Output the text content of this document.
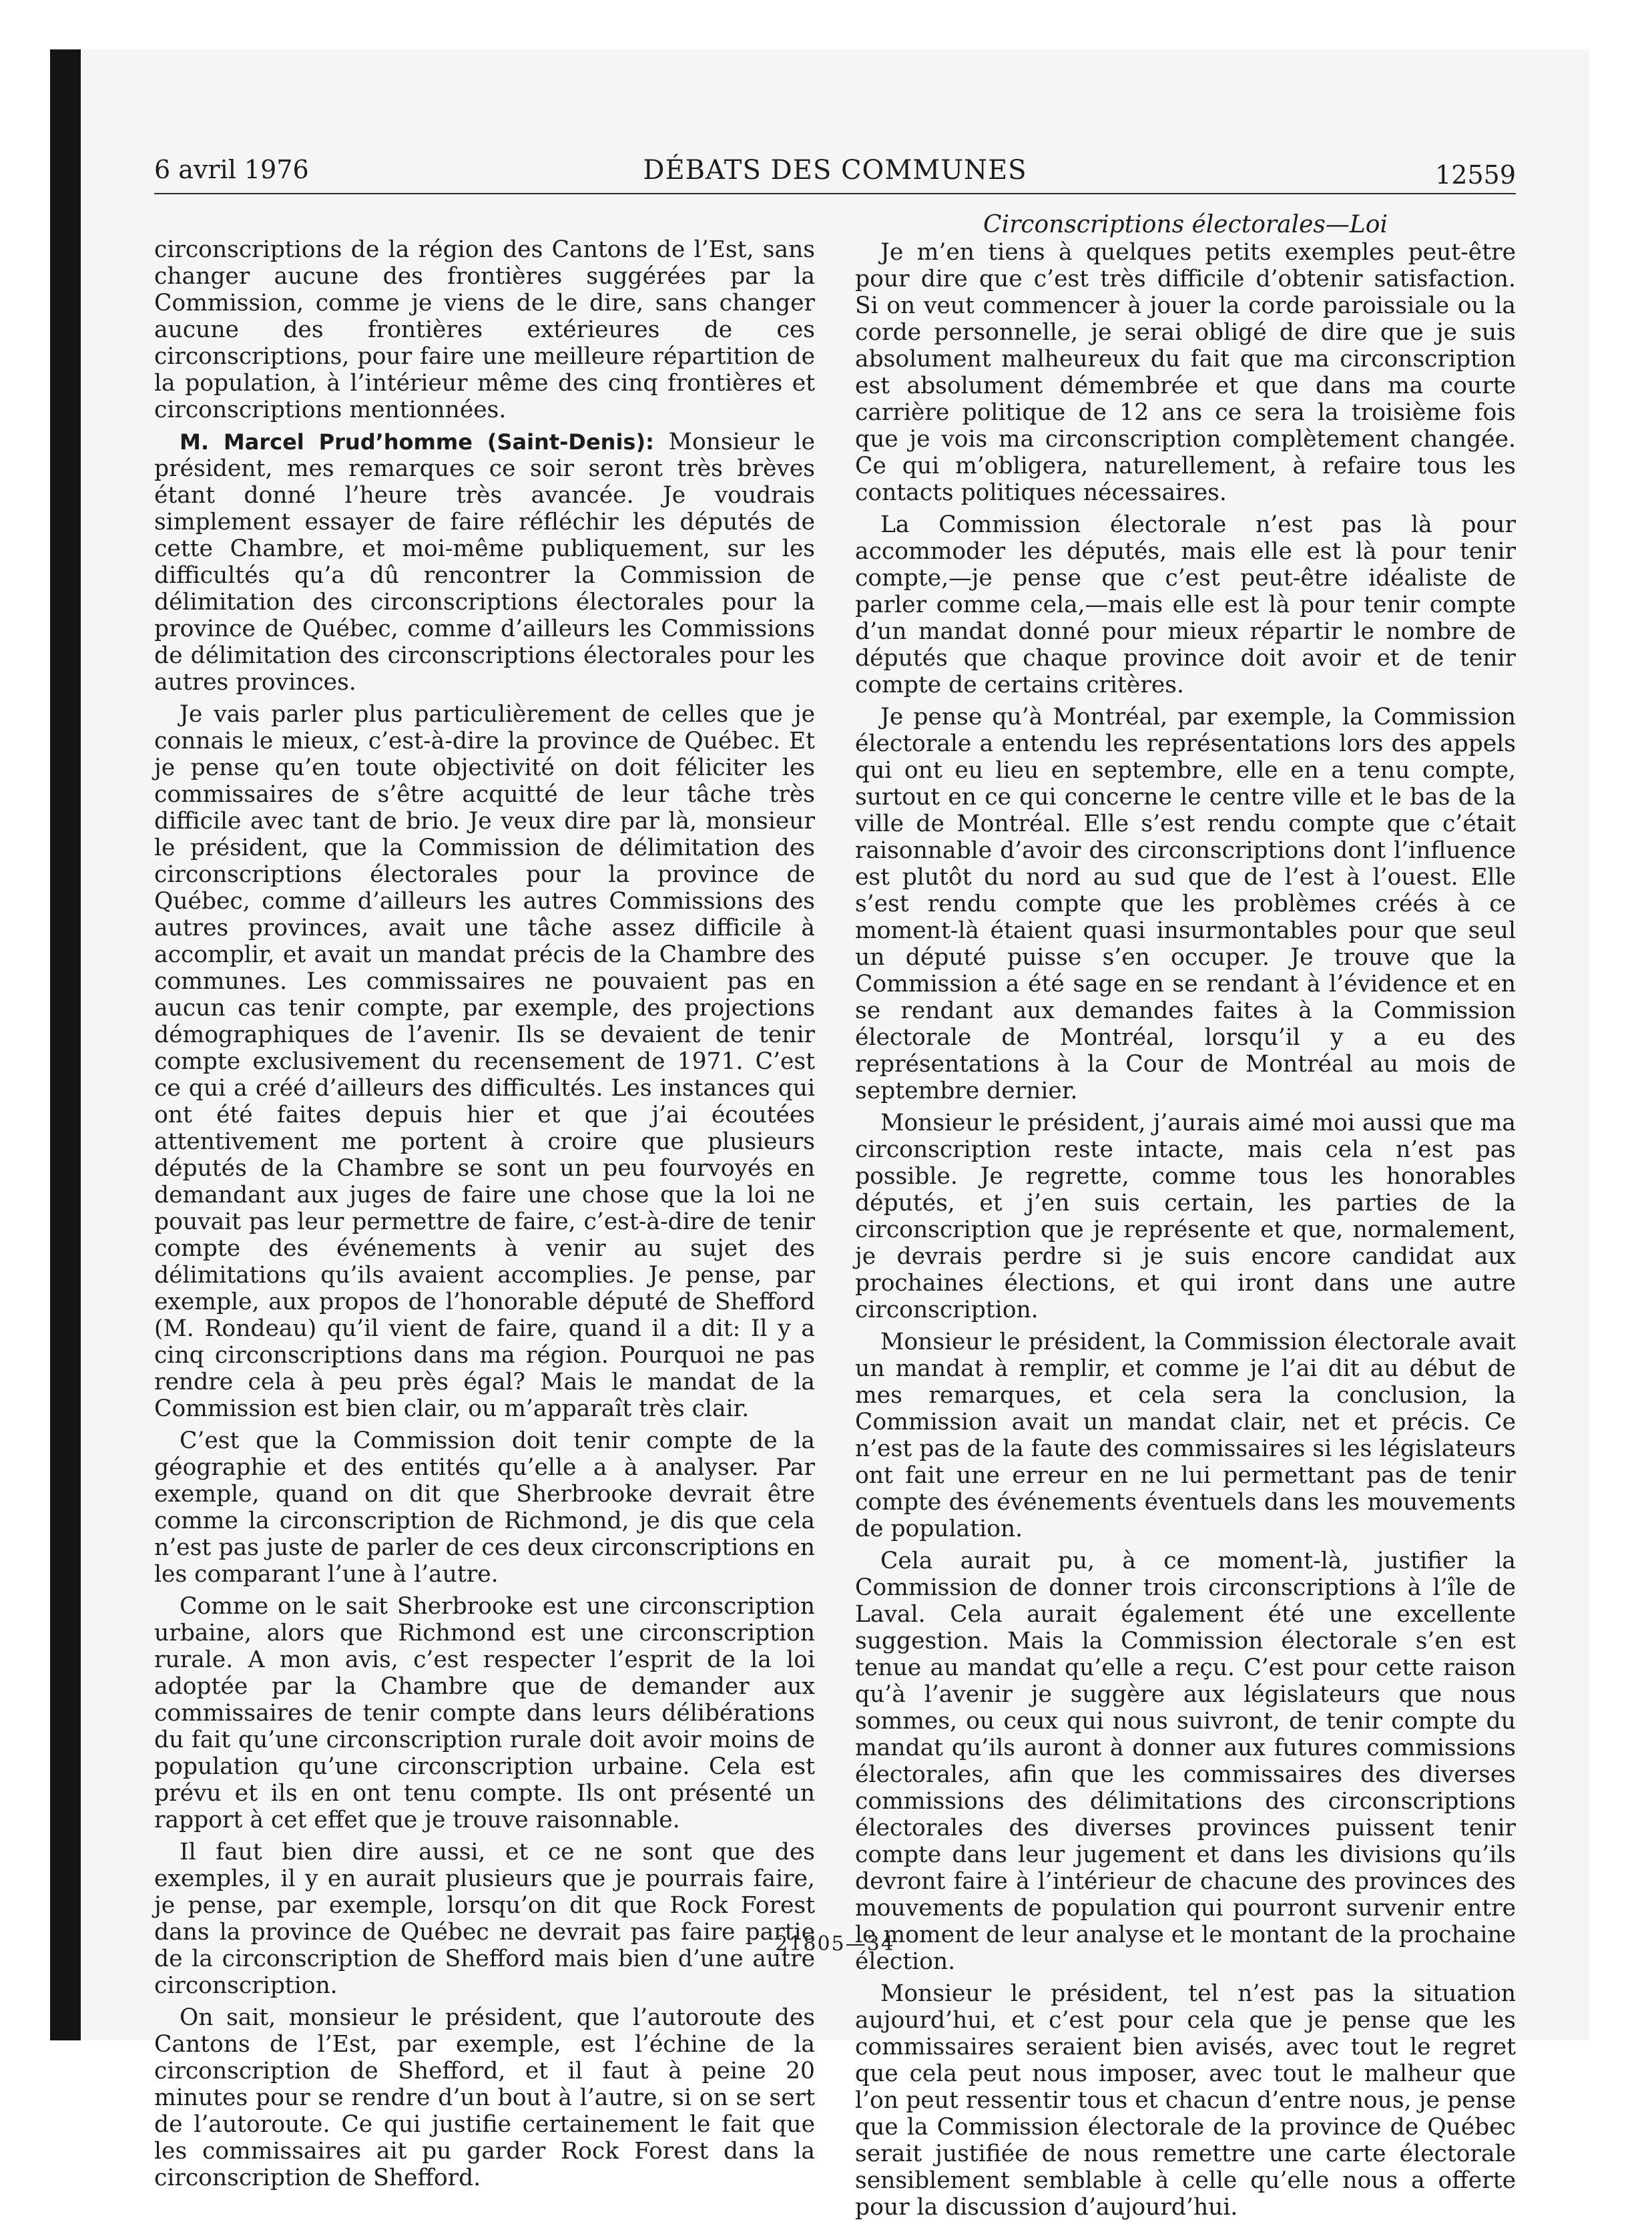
6 avril 1976	DÉBATS DES COMMUNES	12559

circonscriptions de la région des Cantons de l’Est, sans changer aucune des frontières suggérées par la Commission, comme je viens de le dire, sans changer aucune des frontières extérieures de ces circonscriptions, pour faire une meilleure répartition de la population, à l’intérieur même des cinq frontières et circonscriptions mentionnées.

M. Marcel Prud’homme (Saint-Denis): Monsieur le président, mes remarques ce soir seront très brèves étant donné l’heure très avancée. Je voudrais simplement essayer de faire réfléchir les députés de cette Chambre, et moi-même publiquement, sur les difficultés qu’a dû rencontrer la Commission de délimitation des circonscriptions électorales pour la province de Québec, comme d’ailleurs les Commissions de délimitation des circonscriptions électorales pour les autres provinces.

Je vais parler plus particulièrement de celles que je connais le mieux, c’est-à-dire la province de Québec. Et je pense qu’en toute objectivité on doit féliciter les commissaires de s’être acquitté de leur tâche très difficile avec tant de brio. Je veux dire par là, monsieur le président, que la Commission de délimitation des circonscriptions électorales pour la province de Québec, comme d’ailleurs les autres Commissions des autres provinces, avait une tâche assez difficile à accomplir, et avait un mandat précis de la Chambre des communes. Les commissaires ne pouvaient pas en aucun cas tenir compte, par exemple, des projections démographiques de l’avenir. Ils se devaient de tenir compte exclusivement du recensement de 1971. C’est ce qui a créé d’ailleurs des difficultés. Les instances qui ont été faites depuis hier et que j’ai écoutées attentivement me portent à croire que plusieurs députés de la Chambre se sont un peu fourvoyés en demandant aux juges de faire une chose que la loi ne pouvait pas leur permettre de faire, c’est-à-dire de tenir compte des événements à venir au sujet des délimitations qu’ils avaient accomplies. Je pense, par exemple, aux propos de l’honorable député de Shefford (M. Rondeau) qu’il vient de faire, quand il a dit: Il y a cinq circonscriptions dans ma région. Pourquoi ne pas rendre cela à peu près égal? Mais le mandat de la Commission est bien clair, ou m’apparaît très clair.

C’est que la Commission doit tenir compte de la géographie et des entités qu’elle a à analyser. Par exemple, quand on dit que Sherbrooke devrait être comme la circonscription de Richmond, je dis que cela n’est pas juste de parler de ces deux circonscriptions en les comparant l’une à l’autre.

Comme on le sait Sherbrooke est une circonscription urbaine, alors que Richmond est une circonscription rurale. A mon avis, c’est respecter l’esprit de la loi adoptée par la Chambre que de demander aux commissaires de tenir compte dans leurs délibérations du fait qu’une circonscription rurale doit avoir moins de population qu’une circonscription urbaine. Cela est prévu et ils en ont tenu compte. Ils ont présenté un rapport à cet effet que je trouve raisonnable.

Il faut bien dire aussi, et ce ne sont que des exemples, il y en aurait plusieurs que je pourrais faire, je pense, par exemple, lorsqu’on dit que Rock Forest dans la province de Québec ne devrait pas faire partie de la circonscription de Shefford mais bien d’une autre circonscription.

On sait, monsieur le président, que l’autoroute des Cantons de l’Est, par exemple, est l’échine de la circonscription de Shefford, et il faut à peine 20 minutes pour se rendre d’un bout à l’autre, si on se sert de l’autoroute. Ce qui justifie certainement le fait que les commissaires ait pu garder Rock Forest dans la circonscription de Shefford.

Circonscriptions électorales—Loi

Je m’en tiens à quelques petits exemples peut-être pour dire que c’est très difficile d’obtenir satisfaction. Si on veut commencer à jouer la corde paroissiale ou la corde personnelle, je serai obligé de dire que je suis absolument malheureux du fait que ma circonscription est absolument démembrée et que dans ma courte carrière politique de 12 ans ce sera la troisième fois que je vois ma circonscription complètement changée. Ce qui m’obligera, naturellement, à refaire tous les contacts politiques nécessaires.

La Commission électorale n’est pas là pour accommoder les députés, mais elle est là pour tenir compte,—je pense que c’est peut-être idéaliste de parler comme cela,—mais elle est là pour tenir compte d’un mandat donné pour mieux répartir le nombre de députés que chaque province doit avoir et de tenir compte de certains critères.

Je pense qu’à Montréal, par exemple, la Commission électorale a entendu les représentations lors des appels qui ont eu lieu en septembre, elle en a tenu compte, surtout en ce qui concerne le centre ville et le bas de la ville de Montréal. Elle s’est rendu compte que c’était raisonnable d’avoir des circonscriptions dont l’influence est plutôt du nord au sud que de l’est à l’ouest. Elle s’est rendu compte que les problèmes créés à ce moment-là étaient quasi insurmontables pour que seul un député puisse s’en occuper. Je trouve que la Commission a été sage en se rendant à l’évidence et en se rendant aux demandes faites à la Commission électorale de Montréal, lorsqu’il y a eu des représentations à la Cour de Montréal au mois de septembre dernier.

Monsieur le président, j’aurais aimé moi aussi que ma circonscription reste intacte, mais cela n’est pas possible. Je regrette, comme tous les honorables députés, et j’en suis certain, les parties de la circonscription que je représente et que, normalement, je devrais perdre si je suis encore candidat aux prochaines élections, et qui iront dans une autre circonscription.

Monsieur le président, la Commission électorale avait un mandat à remplir, et comme je l’ai dit au début de mes remarques, et cela sera la conclusion, la Commission avait un mandat clair, net et précis. Ce n’est pas de la faute des commissaires si les législateurs ont fait une erreur en ne lui permettant pas de tenir compte des événements éventuels dans les mouvements de population.

Cela aurait pu, à ce moment-là, justifier la Commission de donner trois circonscriptions à l’île de Laval. Cela aurait également été une excellente suggestion. Mais la Commission électorale s’en est tenue au mandat qu’elle a reçu. C’est pour cette raison qu’à l’avenir je suggère aux législateurs que nous sommes, ou ceux qui nous suivront, de tenir compte du mandat qu’ils auront à donner aux futures commissions électorales, afin que les commissaires des diverses commissions des délimitations des circonscriptions électorales des diverses provinces puissent tenir compte dans leur jugement et dans les divisions qu’ils devront faire à l’intérieur de chacune des provinces des mouvements de population qui pourront survenir entre le moment de leur analyse et le montant de la prochaine élection.

Monsieur le président, tel n’est pas la situation aujourd’hui, et c’est pour cela que je pense que les commissaires seraient bien avisés, avec tout le regret que cela peut nous imposer, avec tout le malheur que l’on peut ressentir tous et chacun d’entre nous, je pense que la Commission électorale de la province de Québec serait justifiée de nous remettre une carte électorale sensiblement semblable à celle qu’elle nous a offerte pour la discussion d’aujourd’hui.

21805—34
